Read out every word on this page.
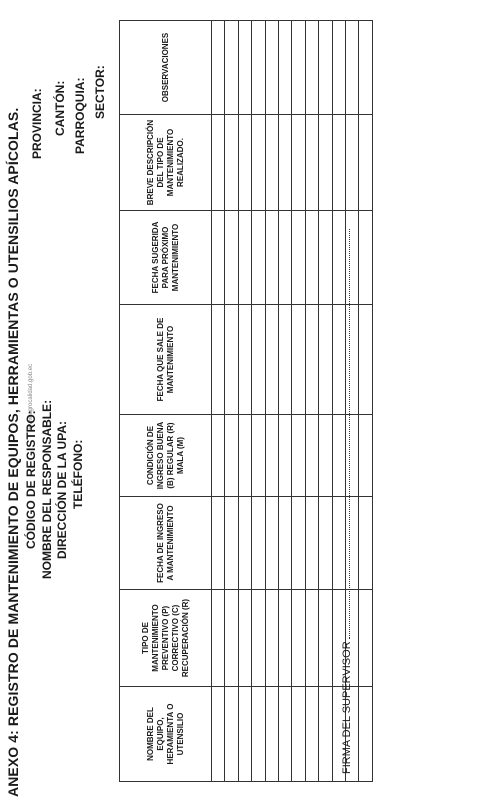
ANEXO 4: REGISTRO DE MANTENIMIENTO DE EQUIPOS, HERRAMIENTAS O UTENSILIOS APÍCOLAS. www.agrocalidad.gob.ec
CÓDIGO DE REGISTRO: NOMBRE DEL RESPONSABLE: DIRECCIÓN DE LA UPA: TELÉFONO:
PROVINCIA: CANTÓN: PARROQUIA: SECTOR:
NOMBRE DEL EQUIPO, HERAMIENTA O UTENSILIO	TIPO DE MANTENIMIENTO PREVENTIVO (P) CORRECTIVO (C) RECUPERACIÓN (R)	FECHA DE INGRESO A MANTENIMIENTO	CONDICIÓN DE INGRESO BUENA (B) REGULAR (R) MALA (M)	FECHA QUE SALE DE MANTENIMIENTO	FECHA SUGERIDA PARA PRÓXIMO MANTENIMIENTO	BREVE DESCRIPCIÓN DEL TIPO DE MANTENIMIENTO REALIZADO.	OBSERVACIONES

FIRMA DEL SUPERVISOR
